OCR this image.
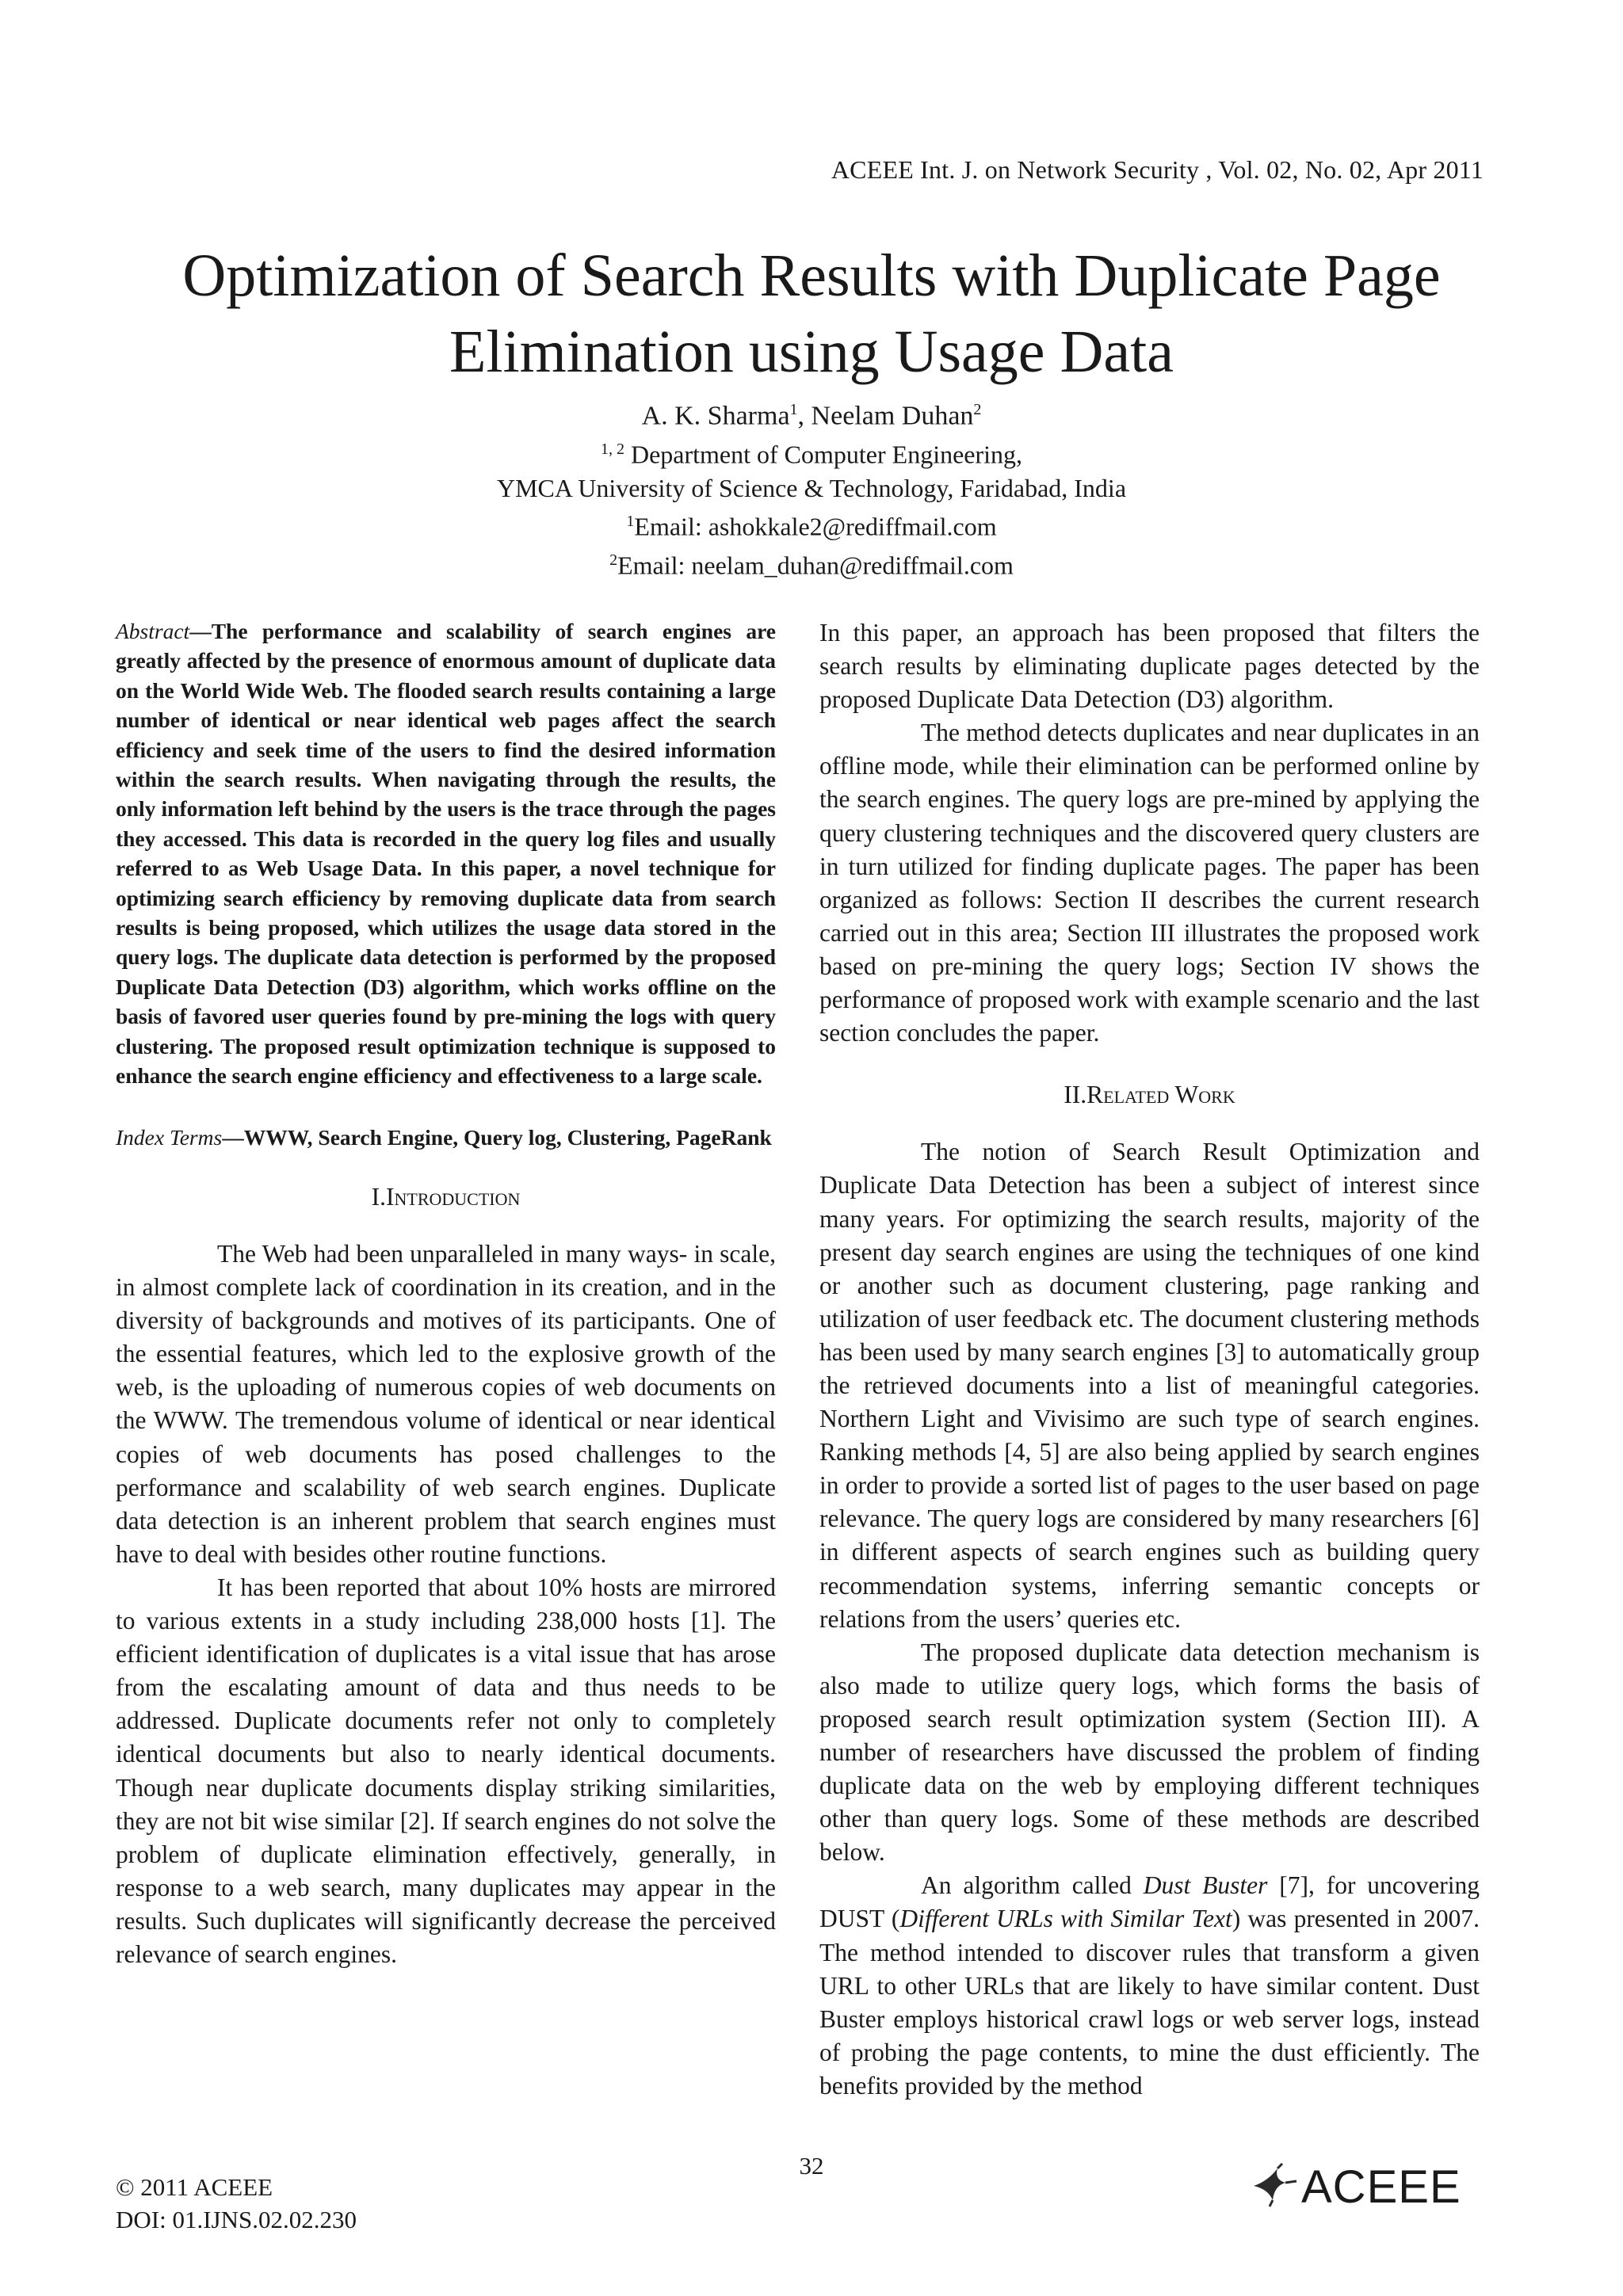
ACEEE Int. J. on Network Security , Vol. 02, No. 02, Apr 2011
Optimization of Search Results with Duplicate Page
Elimination using Usage Data
A. K. Sharma$^1$, Neelam Duhan$^2$
$^{1, 2}$ Department of Computer Engineering,
YMCA University of Science & Technology, Faridabad, India
$^1$Email: ashokkale2@rediffmail.com
$^2$Email: neelam_duhan@rediffmail.com

Abstract—The performance and scalability of search engines are greatly affected by the presence of enormous amount of duplicate data on the World Wide Web. The flooded search results containing a large number of identical or near identical web pages affect the search efficiency and seek time of the users to find the desired information within the search results. When navigating through the results, the only information left behind by the users is the trace through the pages they accessed. This data is recorded in the query log files and usually referred to as Web Usage Data. In this paper, a novel technique for optimizing search efficiency by removing duplicate data from search results is being proposed, which utilizes the usage data stored in the query logs. The duplicate data detection is performed by the proposed Duplicate Data Detection (D3) algorithm, which works offline on the basis of favored user queries found by pre-mining the logs with query clustering. The proposed result optimization technique is supposed to enhance the search engine efficiency and effectiveness to a large scale.

Index Terms—WWW, Search Engine, Query log, Clustering, PageRank

I.Introduction

The Web had been unparalleled in many ways- in scale, in almost complete lack of coordination in its creation, and in the diversity of backgrounds and motives of its participants. One of the essential features, which led to the explosive growth of the web, is the uploading of numerous copies of web documents on the WWW. The tremendous volume of identical or near identical copies of web documents has posed challenges to the performance and scalability of web search engines. Duplicate data detection is an inherent problem that search engines must have to deal with besides other routine functions.

It has been reported that about 10% hosts are mirrored to various extents in a study including 238,000 hosts [1]. The efficient identification of duplicates is a vital issue that has arose from the escalating amount of data and thus needs to be addressed. Duplicate documents refer not only to completely identical documents but also to nearly identical documents. Though near duplicate documents display striking similarities, they are not bit wise similar [2]. If search engines do not solve the problem of duplicate elimination effectively, generally, in response to a web search, many duplicates may appear in the results. Such duplicates will significantly decrease the perceived relevance of search engines.

In this paper, an approach has been proposed that filters the search results by eliminating duplicate pages detected by the proposed Duplicate Data Detection (D3) algorithm.

The method detects duplicates and near duplicates in an offline mode, while their elimination can be performed online by the search engines. The query logs are pre-mined by applying the query clustering techniques and the discovered query clusters are in turn utilized for finding duplicate pages. The paper has been organized as follows: Section II describes the current research carried out in this area; Section III illustrates the proposed work based on pre-mining the query logs; Section IV shows the performance of proposed work with example scenario and the last section concludes the paper.

II.Related Work

The notion of Search Result Optimization and Duplicate Data Detection has been a subject of interest since many years. For optimizing the search results, majority of the present day search engines are using the techniques of one kind or another such as document clustering, page ranking and utilization of user feedback etc. The document clustering methods has been used by many search engines [3] to automatically group the retrieved documents into a list of meaningful categories. Northern Light and Vivisimo are such type of search engines. Ranking methods [4, 5] are also being applied by search engines in order to provide a sorted list of pages to the user based on page relevance. The query logs are considered by many researchers [6] in different aspects of search engines such as building query recommendation systems, inferring semantic concepts or relations from the users’ queries etc.

The proposed duplicate data detection mechanism is also made to utilize query logs, which forms the basis of proposed search result optimization system (Section III). A number of researchers have discussed the problem of finding duplicate data on the web by employing different techniques other than query logs. Some of these methods are described below.

An algorithm called Dust Buster [7], for uncovering DUST (Different URLs with Similar Text) was presented in 2007. The method intended to discover rules that transform a given URL to other URLs that are likely to have similar content. Dust Buster employs historical crawl logs or web server logs, instead of probing the page contents, to mine the dust efficiently. The benefits provided by the method

© 2011 ACEEE
DOI: 01.IJNS.02.02.230
32	ACEEE
